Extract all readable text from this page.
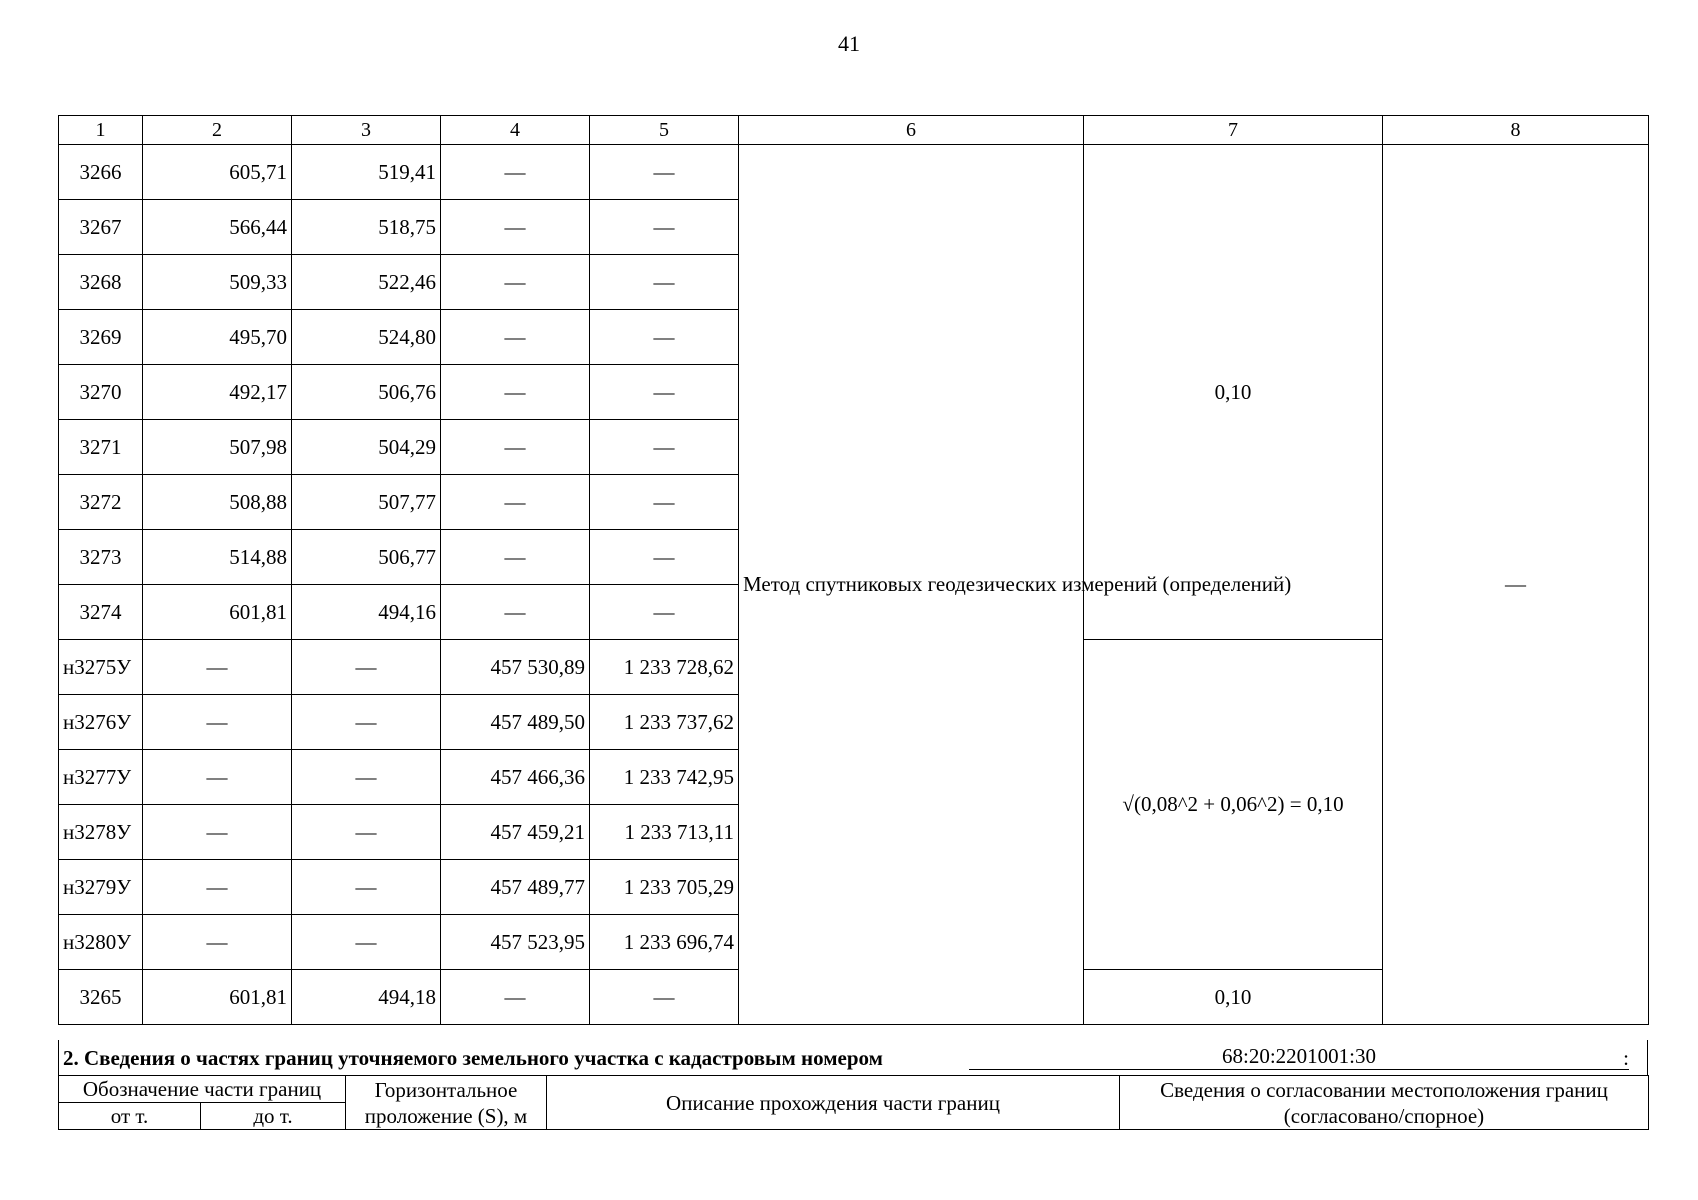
41
1	2	3	4	5	6	7	8
3266	605,71	519,41	—	—	Метод спутниковых геодезических измерений (определений)	0,10	—
3267	566,44	518,75	—	—			
3268	509,33	522,46	—	—			
3269	495,70	524,80	—	—			
3270	492,17	506,76	—	—			
3271	507,98	504,29	—	—			
3272	508,88	507,77	—	—			
3273	514,88	506,77	—	—			
3274	601,81	494,16	—	—			
н3275У	—	—	457 530,89	1 233 728,62		√(0,08^2 + 0,06^2) = 0,10	
н3276У	—	—	457 489,50	1 233 737,62			
н3277У	—	—	457 466,36	1 233 742,95			
н3278У	—	—	457 459,21	1 233 713,11			
н3279У	—	—	457 489,77	1 233 705,29			
н3280У	—	—	457 523,95	1 233 696,74			
3265	601,81	494,18	—	—		0,10	
2. Сведения о частях границ уточняемого земельного участка с кадастровым номером	68:20:2201001:30	:
Обозначение части границ		Горизонтальное проложение (S), м	Описание прохождения части границ	Сведения о согласовании местоположения границ (согласовано/спорное)
от т.	до т.			
